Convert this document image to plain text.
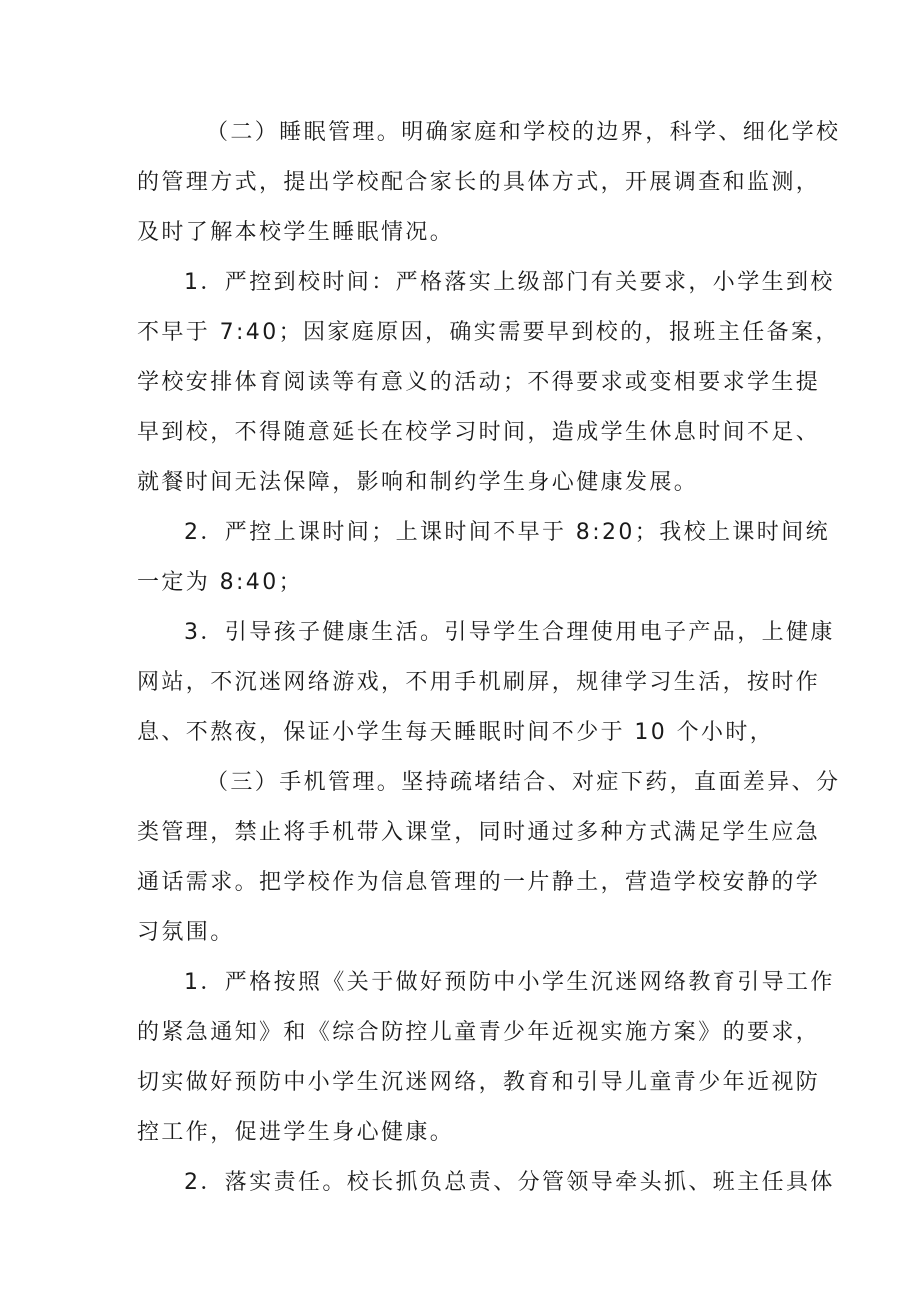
（二）睡眠管理。明确家庭和学校的边界，科学、细化学校
的管理方式，提出学校配合家长的具体方式，开展调查和监测，
及时了解本校学生睡眠情况。
1．严控到校时间：严格落实上级部门有关要求，小学生到校
不早于 7:40；因家庭原因，确实需要早到校的，报班主任备案，
学校安排体育阅读等有意义的活动；不得要求或变相要求学生提
早到校，不得随意延长在校学习时间，造成学生休息时间不足、
就餐时间无法保障，影响和制约学生身心健康发展。
2．严控上课时间；上课时间不早于 8:20；我校上课时间统
一定为 8:40；
3．引导孩子健康生活。引导学生合理使用电子产品，上健康
网站，不沉迷网络游戏，不用手机刷屏，规律学习生活，按时作
息、不熬夜，保证小学生每天睡眠时间不少于 10 个小时，
（三）手机管理。坚持疏堵结合、对症下药，直面差异、分
类管理，禁止将手机带入课堂，同时通过多种方式满足学生应急
通话需求。把学校作为信息管理的一片静土，营造学校安静的学
习氛围。
1．严格按照《关于做好预防中小学生沉迷网络教育引导工作
的紧急通知》和《综合防控儿童青少年近视实施方案》的要求，
切实做好预防中小学生沉迷网络，教育和引导儿童青少年近视防
控工作，促进学生身心健康。
2．落实责任。校长抓负总责、分管领导牵头抓、班主任具体
